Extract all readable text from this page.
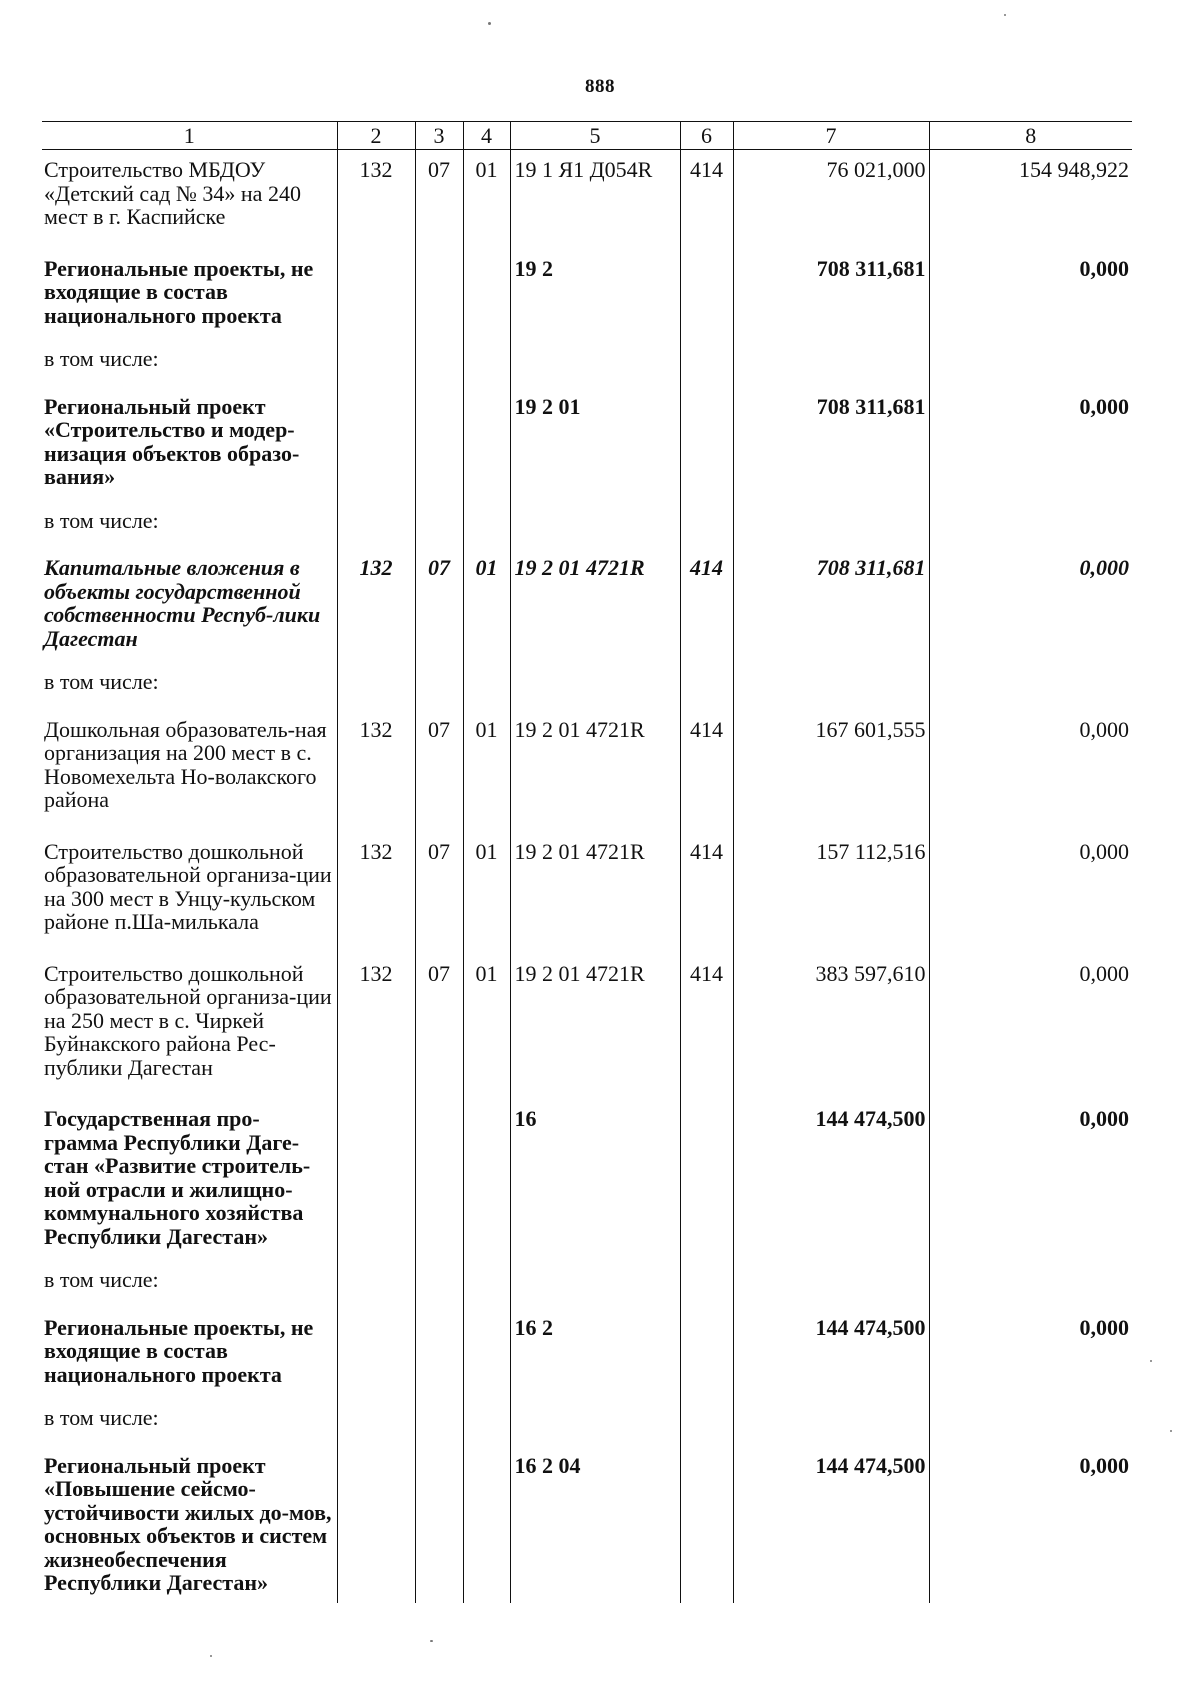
888
1	2	3	4	5	6	7	8
Строительство МБДОУ «Детский сад № 34» на 240 мест в г. Каспийске	132	07	01	19 1 Я1 Д054R	414	76 021,000	154 948,922
Региональные проекты, не входящие в состав национального проекта				19 2		708 311,681	0,000
в том числе:							
Региональный проект «Строительство и модер-низация объектов образо-вания»				19 2 01		708 311,681	0,000
в том числе:							
Капитальные вложения в объекты государственной собственности Респуб-лики Дагестан	132	07	01	19 2 01 4721R	414	708 311,681	0,000
в том числе:							
Дошкольная образователь-ная организация на 200 мест в с. Новомехельта Но-волакского района	132	07	01	19 2 01 4721R	414	167 601,555	0,000
Строительство дошкольной образовательной организа-ции на 300 мест в Унцу-кульском районе п.Ша-милькала	132	07	01	19 2 01 4721R	414	157 112,516	0,000
Строительство дошкольной образовательной организа-ции на 250 мест в с. Чиркей Буйнакского района Рес-публики Дагестан	132	07	01	19 2 01 4721R	414	383 597,610	0,000
Государственная про-грамма Республики Даге-стан «Развитие строитель-ной отрасли и жилищно-коммунального хозяйства Республики Дагестан»				16		144 474,500	0,000
в том числе:							
Региональные проекты, не входящие в состав национального проекта				16 2		144 474,500	0,000
в том числе:							
Региональный проект «Повышение сейсмо-устойчивости жилых до-мов, основных объектов и систем жизнеобеспечения Республики Дагестан»				16 2 04		144 474,500	0,000
